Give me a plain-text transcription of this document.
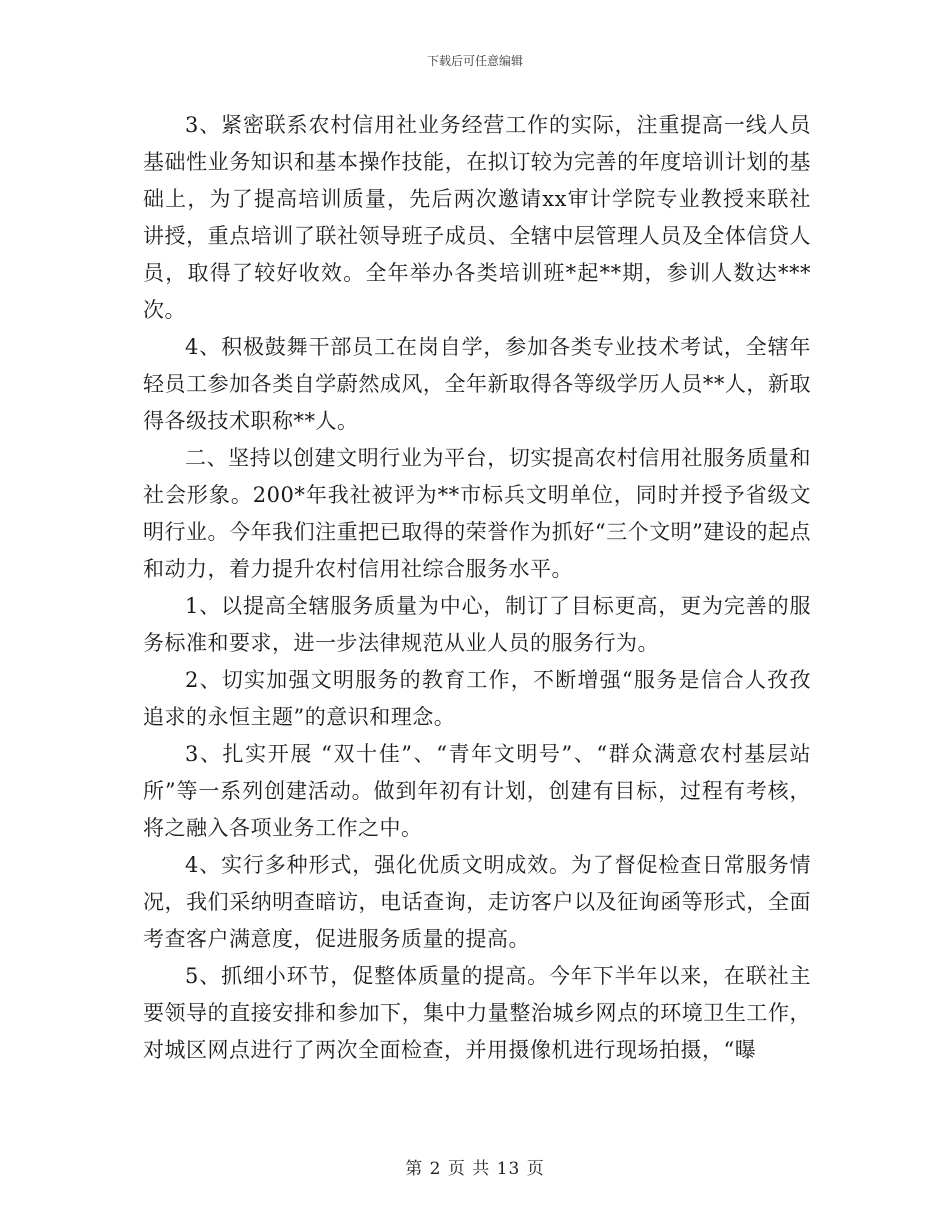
下载后可任意编辑

3、紧密联系农村信用社业务经营工作的实际，注重提高一线人员基础性业务知识和基本操作技能，在拟订较为完善的年度培训计划的基础上，为了提高培训质量，先后两次邀请xx审计学院专业教授来联社讲授，重点培训了联社领导班子成员、全辖中层管理人员及全体信贷人员，取得了较好收效。全年举办各类培训班*起**期，参训人数达***次。

4、积极鼓舞干部员工在岗自学，参加各类专业技术考试，全辖年轻员工参加各类自学蔚然成风，全年新取得各等级学历人员**人，新取得各级技术职称**人。

二、坚持以创建文明行业为平台，切实提高农村信用社服务质量和社会形象。200*年我社被评为**市标兵文明单位，同时并授予省级文明行业。今年我们注重把已取得的荣誉作为抓好“三个文明”建设的起点和动力，着力提升农村信用社综合服务水平。

1、以提高全辖服务质量为中心，制订了目标更高，更为完善的服务标准和要求，进一步法律规范从业人员的服务行为。

2、切实加强文明服务的教育工作，不断增强“服务是信合人孜孜追求的永恒主题”的意识和理念。

3、扎实开展 “双十佳”、“青年文明号”、“群众满意农村基层站所”等一系列创建活动。做到年初有计划，创建有目标，过程有考核，将之融入各项业务工作之中。

4、实行多种形式，强化优质文明成效。为了督促检查日常服务情况，我们采纳明查暗访，电话查询，走访客户以及征询函等形式，全面考查客户满意度，促进服务质量的提高。

5、抓细小环节，促整体质量的提高。今年下半年以来，在联社主要领导的直接安排和参加下，集中力量整治城乡网点的环境卫生工作，对城区网点进行了两次全面检查，并用摄像机进行现场拍摄，“曝

第 2 页 共 13 页
